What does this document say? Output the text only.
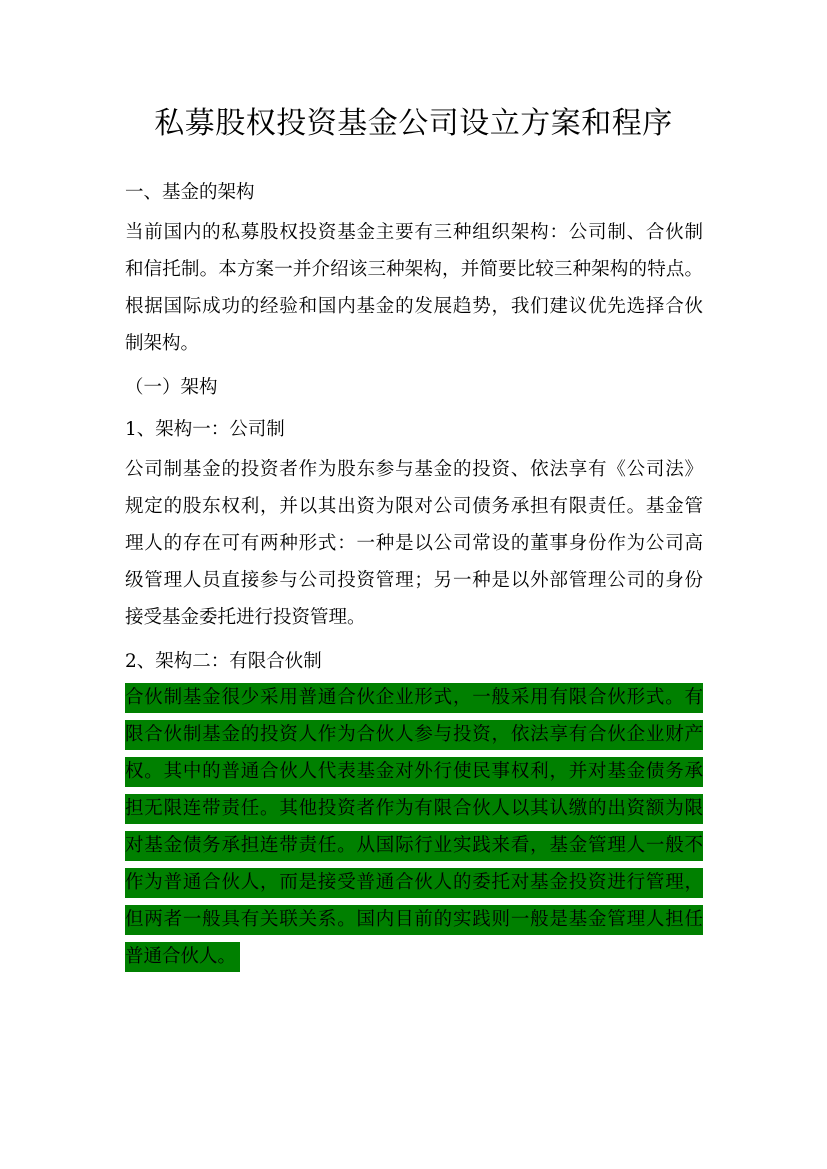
私募股权投资基金公司设立方案和程序
一、基金的架构
当前国内的私募股权投资基金主要有三种组织架构：公司制、合伙制
和信托制。本方案一并介绍该三种架构，并简要比较三种架构的特点。
根据国际成功的经验和国内基金的发展趋势，我们建议优先选择合伙
制架构。
（一）架构
1、架构一：公司制
公司制基金的投资者作为股东参与基金的投资、依法享有《公司法》
规定的股东权利，并以其出资为限对公司债务承担有限责任。基金管
理人的存在可有两种形式：一种是以公司常设的董事身份作为公司高
级管理人员直接参与公司投资管理；另一种是以外部管理公司的身份
接受基金委托进行投资管理。
2、架构二：有限合伙制
合伙制基金很少采用普通合伙企业形式，一般采用有限合伙形式。有
限合伙制基金的投资人作为合伙人参与投资，依法享有合伙企业财产
权。其中的普通合伙人代表基金对外行使民事权利，并对基金债务承
担无限连带责任。其他投资者作为有限合伙人以其认缴的出资额为限
对基金债务承担连带责任。从国际行业实践来看，基金管理人一般不
作为普通合伙人，而是接受普通合伙人的委托对基金投资进行管理，
但两者一般具有关联关系。国内目前的实践则一般是基金管理人担任
普通合伙人。
